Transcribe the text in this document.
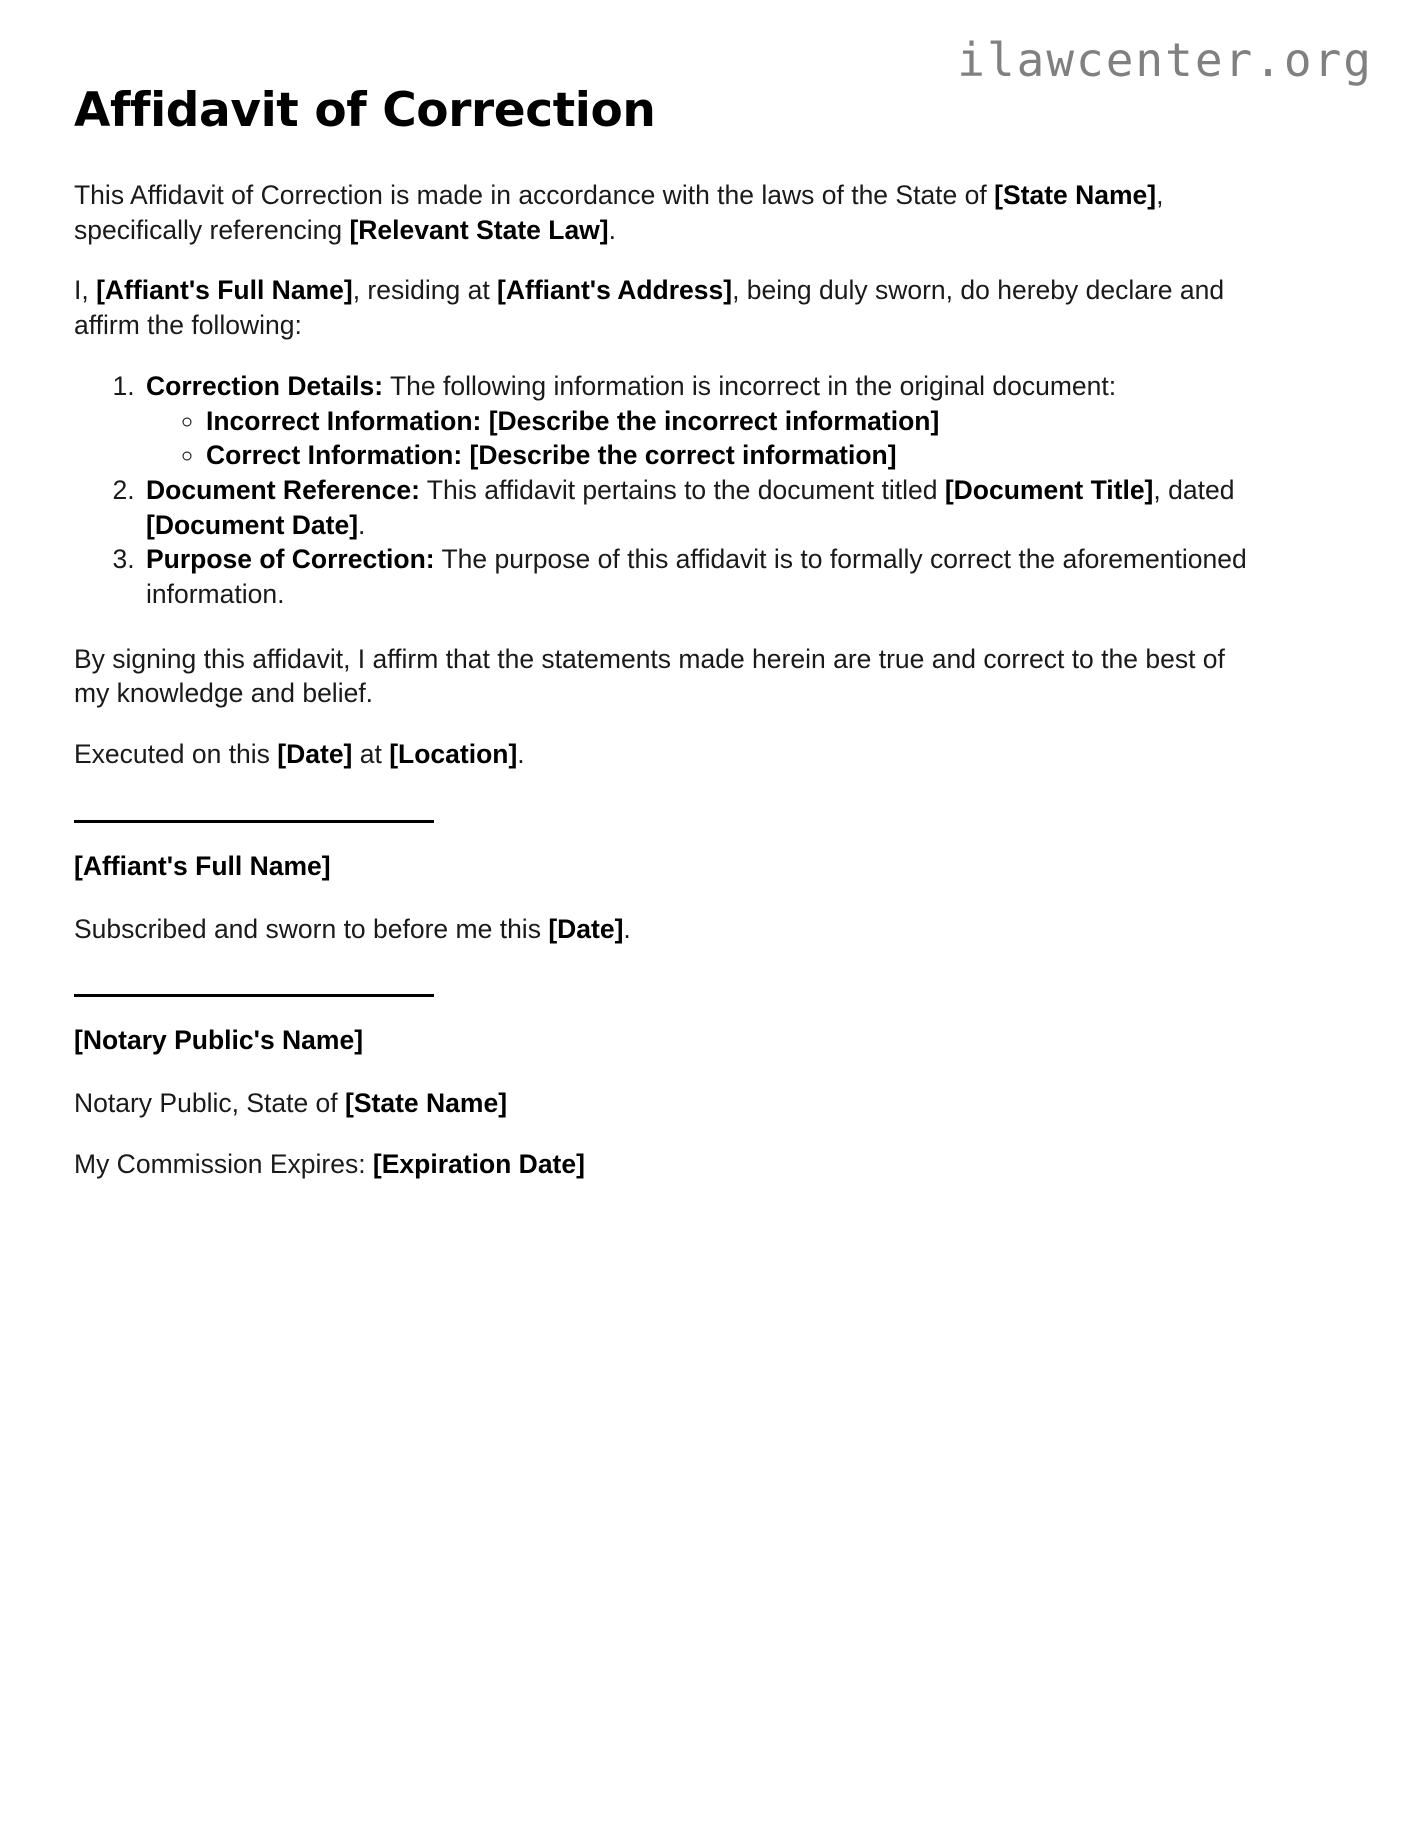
ilawcenter.org
Affidavit of Correction

This Affidavit of Correction is made in accordance with the laws of the State of [State Name], specifically referencing [Relevant State Law].

I, [Affiant's Full Name], residing at [Affiant's Address], being duly sworn, do hereby declare and affirm the following:

1. Correction Details: The following information is incorrect in the original document:
◦ Incorrect Information: [Describe the incorrect information]
◦ Correct Information: [Describe the correct information]
2. Document Reference: This affidavit pertains to the document titled [Document Title], dated [Document Date].
3. Purpose of Correction: The purpose of this affidavit is to formally correct the aforementioned information.

By signing this affidavit, I affirm that the statements made herein are true and correct to the best of my knowledge and belief.

Executed on this [Date] at [Location].

[Affiant's Full Name]

Subscribed and sworn to before me this [Date].

[Notary Public's Name]

Notary Public, State of [State Name]

My Commission Expires: [Expiration Date]
